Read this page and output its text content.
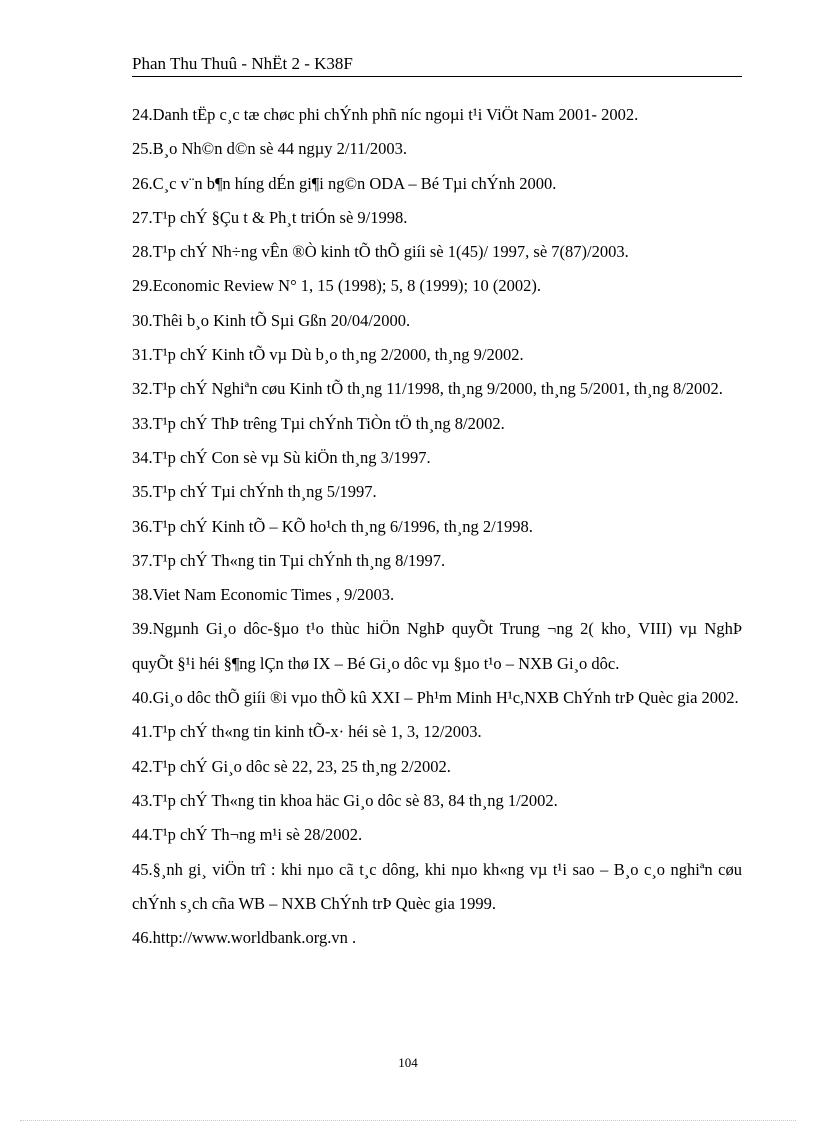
Phan Thu Thuû - NhËt 2 - K38F
24.Danh tËp c¸c tæ chøc phi chÝnh phñ níc ngoµi t¹i ViÖt Nam 2001- 2002.
25.B¸o Nh©n d©n sè 44 ngµy 2/11/2003.
26.C¸c v¨n b¶n híng dÉn gi¶i ng©n ODA – Bé Tµi chÝnh 2000.
27.T¹p chÝ §Çu t & Ph¸t triÓn sè 9/1998.
28.T¹p chÝ Nh÷ng vÊn ®Ò kinh tÕ thÕ giíi sè 1(45)/ 1997, sè 7(87)/2003.
29.Economic Review N° 1, 15 (1998); 5, 8 (1999); 10 (2002).
30.Thêi b¸o Kinh tÕ Sµi Gßn 20/04/2000.
31.T¹p chÝ Kinh tÕ vµ Dù b¸o th¸ng 2/2000, th¸ng 9/2002.
32.T¹p chÝ Nghiªn cøu Kinh tÕ th¸ng 11/1998, th¸ng 9/2000, th¸ng 5/2001, th¸ng 8/2002.
33.T¹p chÝ ThÞ trêng Tµi chÝnh TiÒn tÖ th¸ng 8/2002.
34.T¹p chÝ Con sè vµ Sù kiÖn th¸ng 3/1997.
35.T¹p chÝ Tµi chÝnh th¸ng 5/1997.
36.T¹p chÝ Kinh tÕ – KÕ ho¹ch th¸ng 6/1996, th¸ng 2/1998.
37.T¹p chÝ Th«ng tin Tµi chÝnh th¸ng 8/1997.
38.Viet Nam Economic Times , 9/2003.
39.Ngµnh Gi¸o dôc-§µo t¹o thùc hiÖn NghÞ quyÕt Trung ¬ng 2( kho¸ VIII) vµ NghÞ quyÕt §¹i héi §¶ng lÇn thø IX – Bé Gi¸o dôc vµ §µo t¹o – NXB Gi¸o dôc.
40.Gi¸o dôc thÕ giíi ®i vµo thÕ kû XXI – Ph¹m Minh H¹c,NXB ChÝnh trÞ Quèc gia 2002.
41.T¹p chÝ th«ng tin kinh tÕ-x· héi sè 1, 3, 12/2003.
42.T¹p chÝ Gi¸o dôc sè 22, 23, 25 th¸ng 2/2002.
43.T¹p chÝ Th«ng tin khoa häc Gi¸o dôc sè 83, 84 th¸ng 1/2002.
44.T¹p chÝ Th¬ng m¹i sè 28/2002.
45.§¸nh gi¸ viÖn trî : khi nµo cã t¸c dông, khi nµo kh«ng vµ t¹i sao – B¸o c¸o nghiªn cøu chÝnh s¸ch cña WB – NXB ChÝnh trÞ Quèc gia 1999.
46.http://www.worldbank.org.vn .
104
